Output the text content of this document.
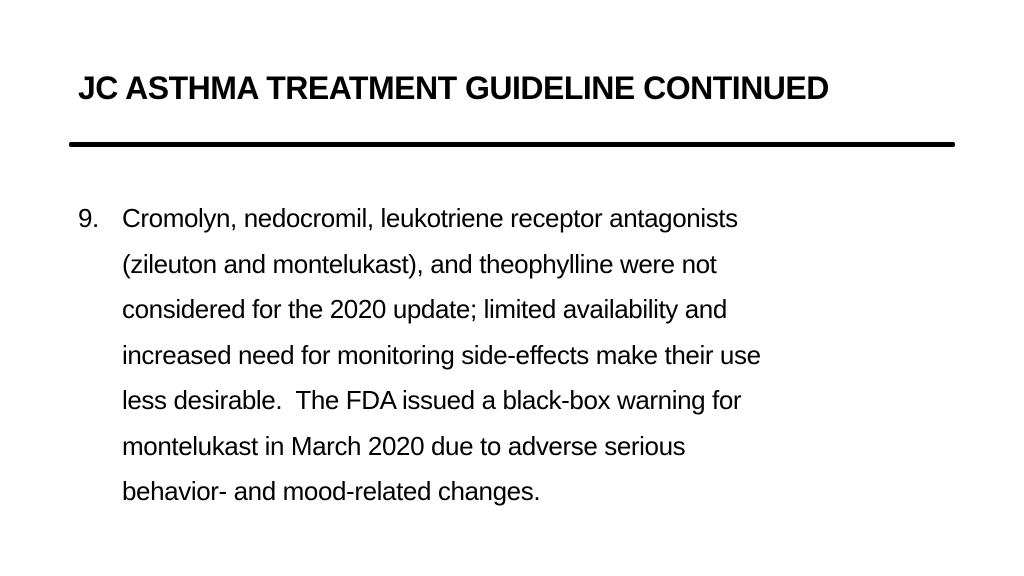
JC ASTHMA TREATMENT GUIDELINE CONTINUED
9. Cromolyn, nedocromil, leukotriene receptor antagonists
(zileuton and montelukast), and theophylline were not
considered for the 2020 update; limited availability and
increased need for monitoring side-effects make their use
less desirable.  The FDA issued a black-box warning for
montelukast in March 2020 due to adverse serious
behavior- and mood-related changes.
